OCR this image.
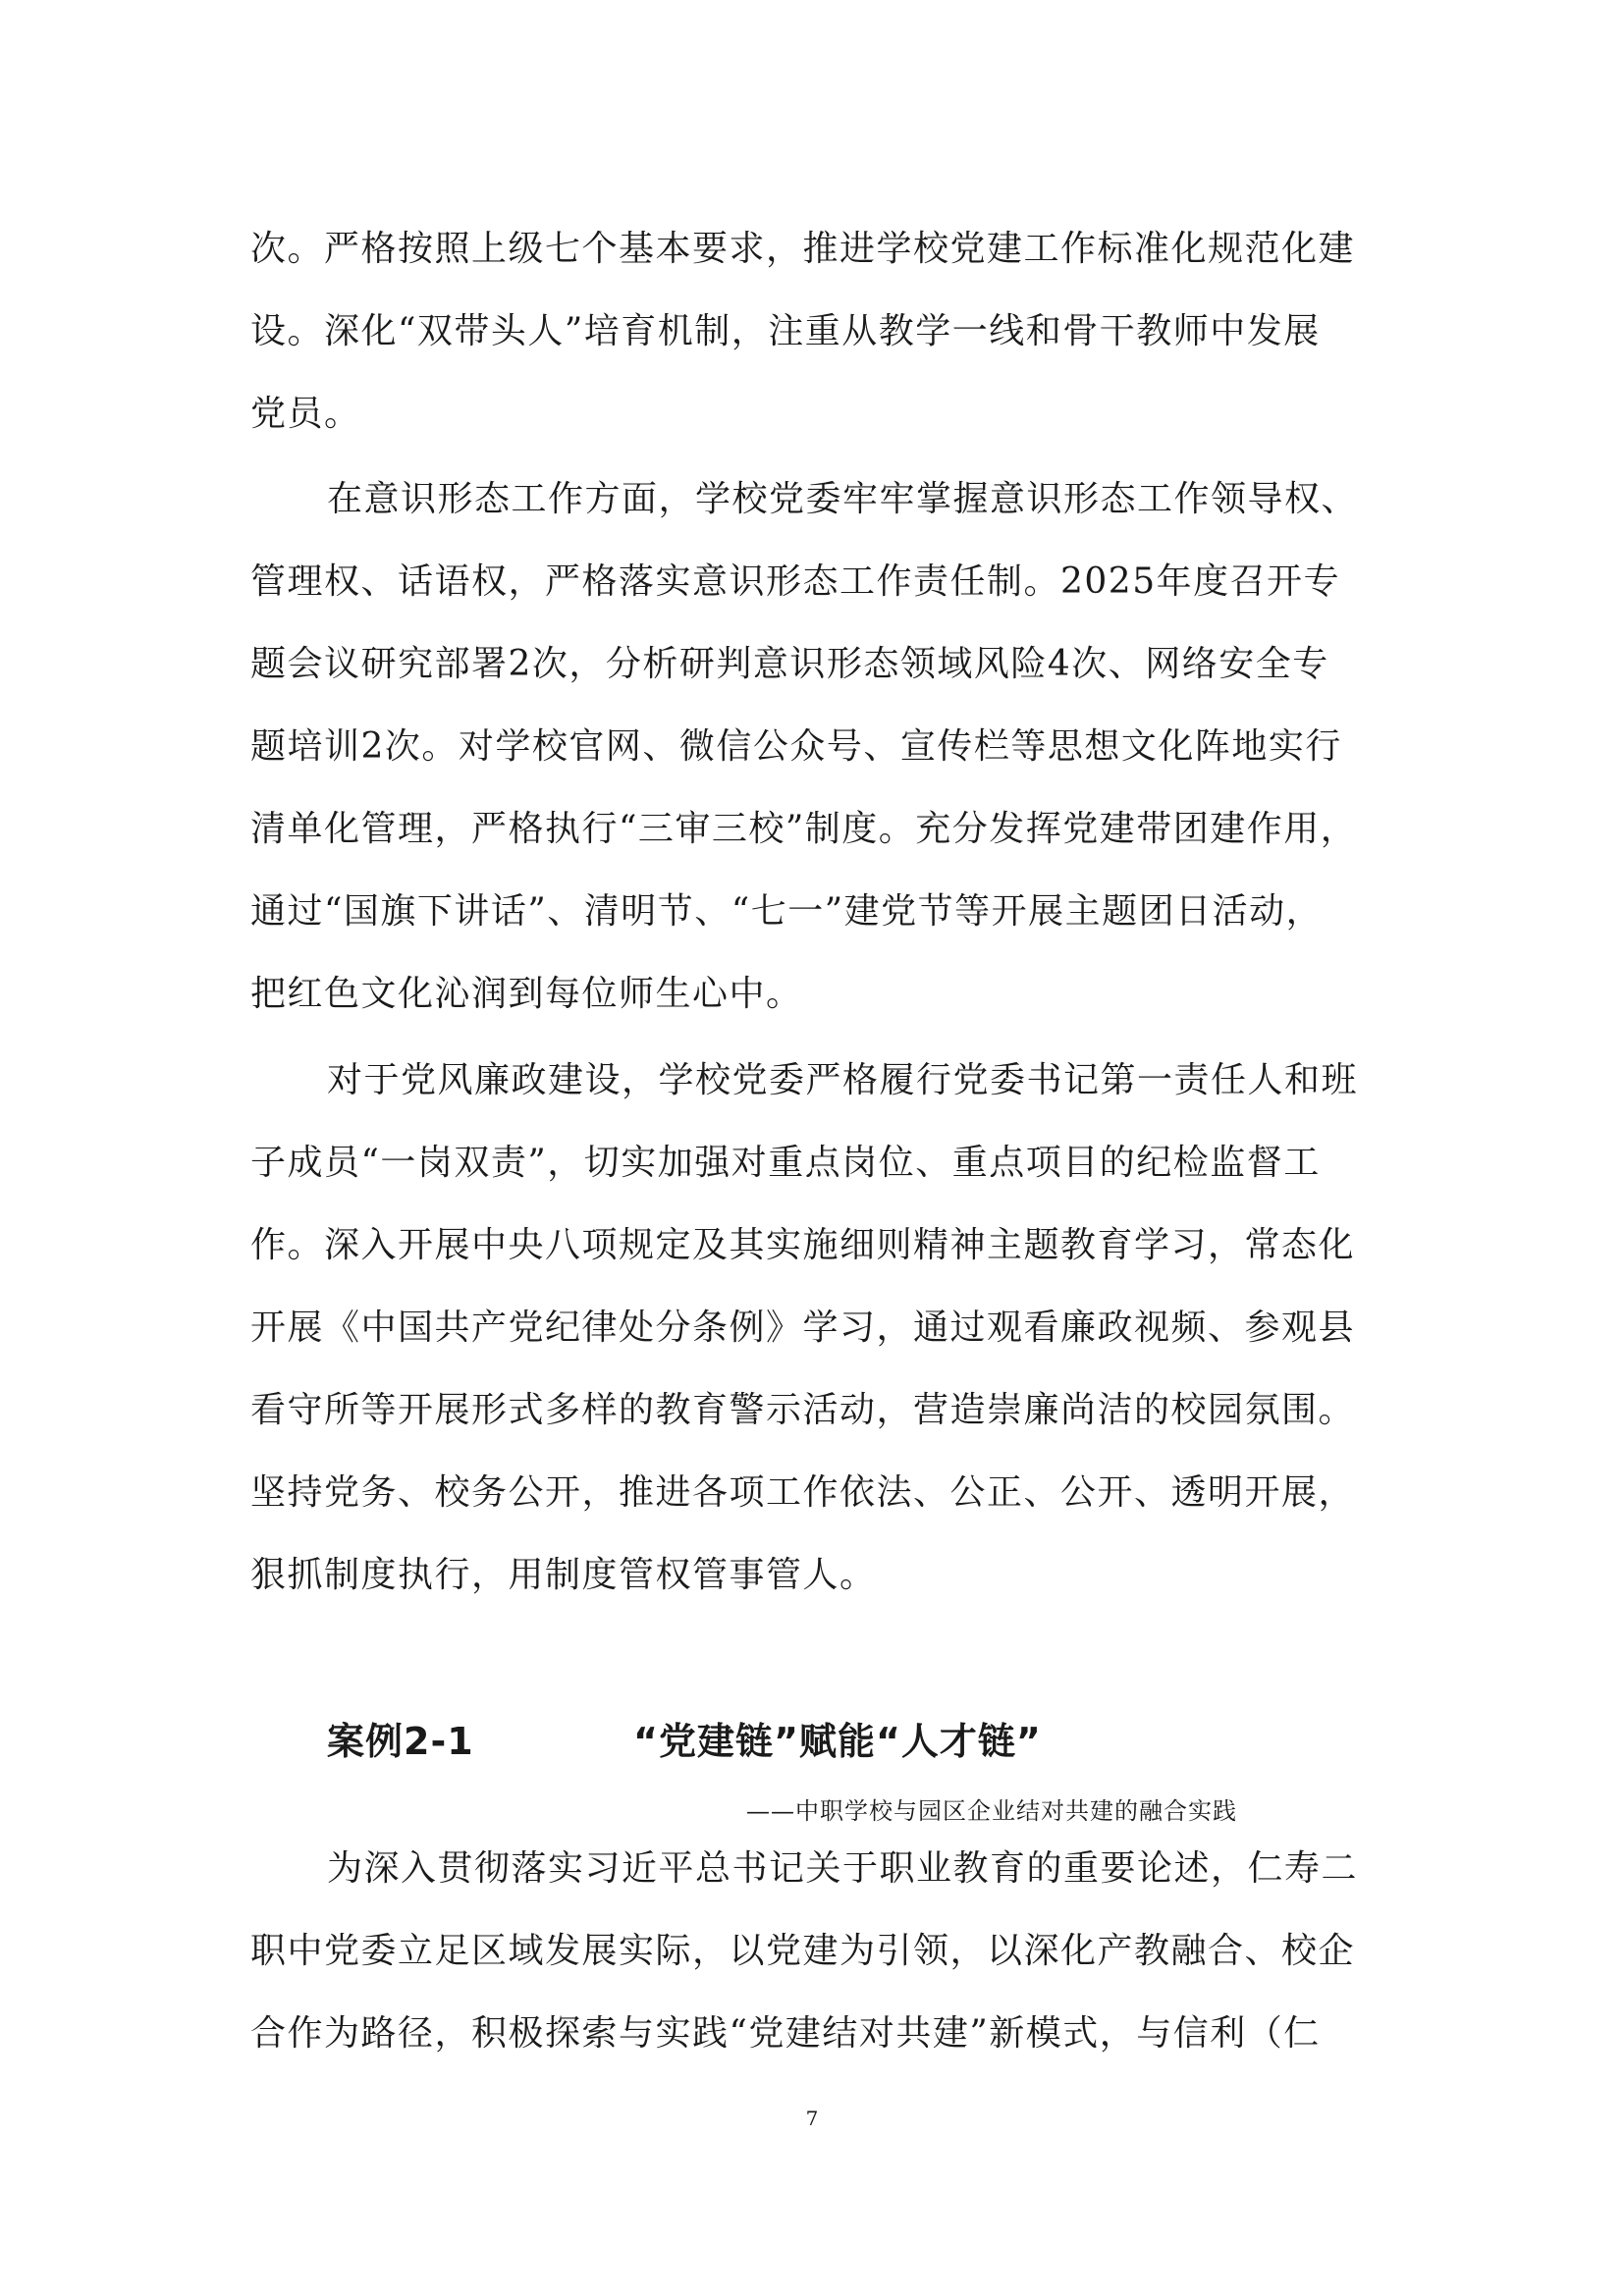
次。严格按照上级七个基本要求，推进学校党建工作标准化规范化建
设。深化“双带头人”培育机制，注重从教学一线和骨干教师中发展
党员。
在意识形态工作方面，学校党委牢牢掌握意识形态工作领导权、
管理权、话语权，严格落实意识形态工作责任制。2025年度召开专
题会议研究部署2次，分析研判意识形态领域风险4次、网络安全专
题培训2次。对学校官网、微信公众号、宣传栏等思想文化阵地实行
清单化管理，严格执行“三审三校”制度。充分发挥党建带团建作用，
通过“国旗下讲话”、清明节、“七一”建党节等开展主题团日活动，
把红色文化沁润到每位师生心中。
对于党风廉政建设，学校党委严格履行党委书记第一责任人和班
子成员“一岗双责”，切实加强对重点岗位、重点项目的纪检监督工
作。深入开展中央八项规定及其实施细则精神主题教育学习，常态化
开展《中国共产党纪律处分条例》学习，通过观看廉政视频、参观县
看守所等开展形式多样的教育警示活动，营造崇廉尚洁的校园氛围。
坚持党务、校务公开，推进各项工作依法、公正、公开、透明开展，
狠抓制度执行，用制度管权管事管人。
案例2-1	“党建链”赋能“人才链”
——中职学校与园区企业结对共建的融合实践
为深入贯彻落实习近平总书记关于职业教育的重要论述，仁寿二
职中党委立足区域发展实际，以党建为引领，以深化产教融合、校企
合作为路径，积极探索与实践“党建结对共建”新模式，与信利（仁
7
